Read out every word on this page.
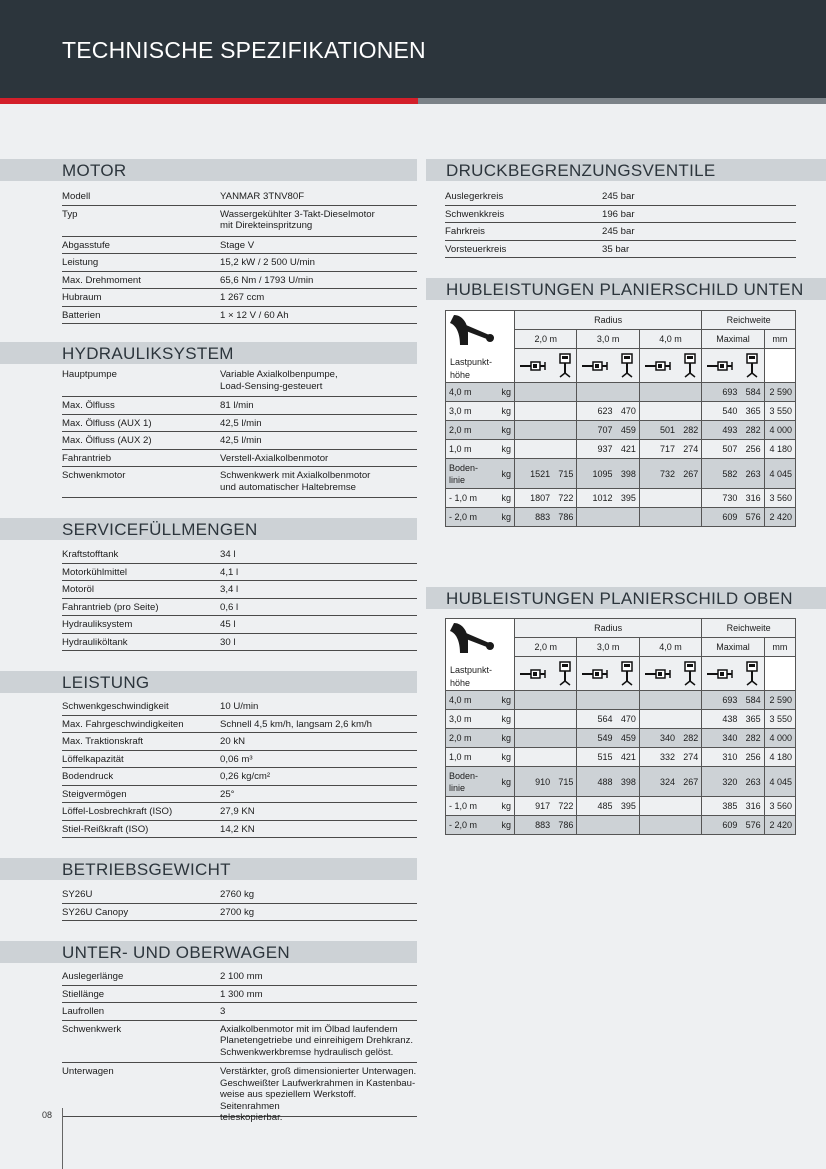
TECHNISCHE SPEZIFIKATIONEN
MOTOR
Modell	YANMAR 3TNV80F
Typ	Wassergekühlter 3-Takt-Dieselmotor
mit Direkteinspritzung
Abgasstufe	Stage V
Leistung	15,2 kW / 2 500 U/min
Max. Drehmoment	65,6 Nm / 1793 U/min
Hubraum	1 267 ccm
Batterien	1 × 12 V / 60 Ah
HYDRAULIKSYSTEM
Hauptpumpe	Variable Axialkolbenpumpe,
Load-Sensing-gesteuert
Max. Ölfluss	81 l/min
Max. Ölfluss (AUX 1)	42,5 l/min
Max. Ölfluss (AUX 2)	42,5 l/min
Fahrantrieb	Verstell-Axialkolbenmotor
Schwenkmotor	Schwenkwerk mit Axialkolbenmotor
und automatischer Haltebremse
SERVICEFÜLLMENGEN
Kraftstofftank	34 l
Motorkühlmittel	4,1 l
Motoröl	3,4 l
Fahrantrieb (pro Seite)	0,6 l
Hydrauliksystem	45 l
Hydrauliköltank	30 l
LEISTUNG
Schwenkgeschwindigkeit	10 U/min
Max. Fahrgeschwindigkeiten	Schnell 4,5 km/h, langsam 2,6 km/h
Max. Traktionskraft	20 kN
Löffelkapazität	0,06 m³
Bodendruck	0,26 kg/cm²
Steigvermögen	25°
Löffel-Losbrechkraft (ISO)	27,9 KN
Stiel-Reißkraft (ISO)	14,2 KN
BETRIEBSGEWICHT
SY26U	2760 kg
SY26U Canopy	2700 kg
UNTER- UND OBERWAGEN
Auslegerlänge	2 100 mm
Stiellänge	1 300 mm
Laufrollen	3
Schwenkwerk	Axialkolbenmotor mit im Ölbad laufendem
Planetengetriebe und einreihigem Drehkranz.
Schwenkwerkbremse hydraulisch gelöst.
Unterwagen	Verstärkter, groß dimensionierter Unterwagen.
Geschweißter Laufwerkrahmen in Kastenbau-
weise aus speziellem Werkstoff. Seitenrahmen
teleskopierbar.
DRUCKBEGRENZUNGSVENTILE
Auslegerkreis	245 bar
Schwenkkreis	196 bar
Fahrkreis	245 bar
Vorsteuerkreis	35 bar
HUBLEISTUNGEN PLANIERSCHILD UNTEN
	Radius						Reichweite		
	2,0 m		3,0 m		4,0 m		Maximal		mm

4,0 m kg							693	584	2 590

3,0 m kg			623	470			540	365	3 550

2,0 m kg			707	459	501	282	493	282	4 000

1,0 m kg			937	421	717	274	507	256	4 180

Boden-
linie
kg	1521	715	1095	398	732	267	582	263	4 045

- 1,0 m kg	1807	722	1012	395			730	316	3 560

- 2,0 m kg	883	786					609	576	2 420
HUBLEISTUNGEN PLANIERSCHILD OBEN
	Radius						Reichweite		
	2,0 m		3,0 m		4,0 m		Maximal		mm

4,0 m kg							693	584	2 590

3,0 m kg			564	470			438	365	3 550

2,0 m kg			549	459	340	282	340	282	4 000

1,0 m kg			515	421	332	274	310	256	4 180

Boden-
linie
kg	910	715	488	398	324	267	320	263	4 045

- 1,0 m kg	917	722	485	395			385	316	3 560

- 2,0 m kg	883	786					609	576	2 420
08
Lastpunkt-
höhe
Lastpunkt-
höhe
